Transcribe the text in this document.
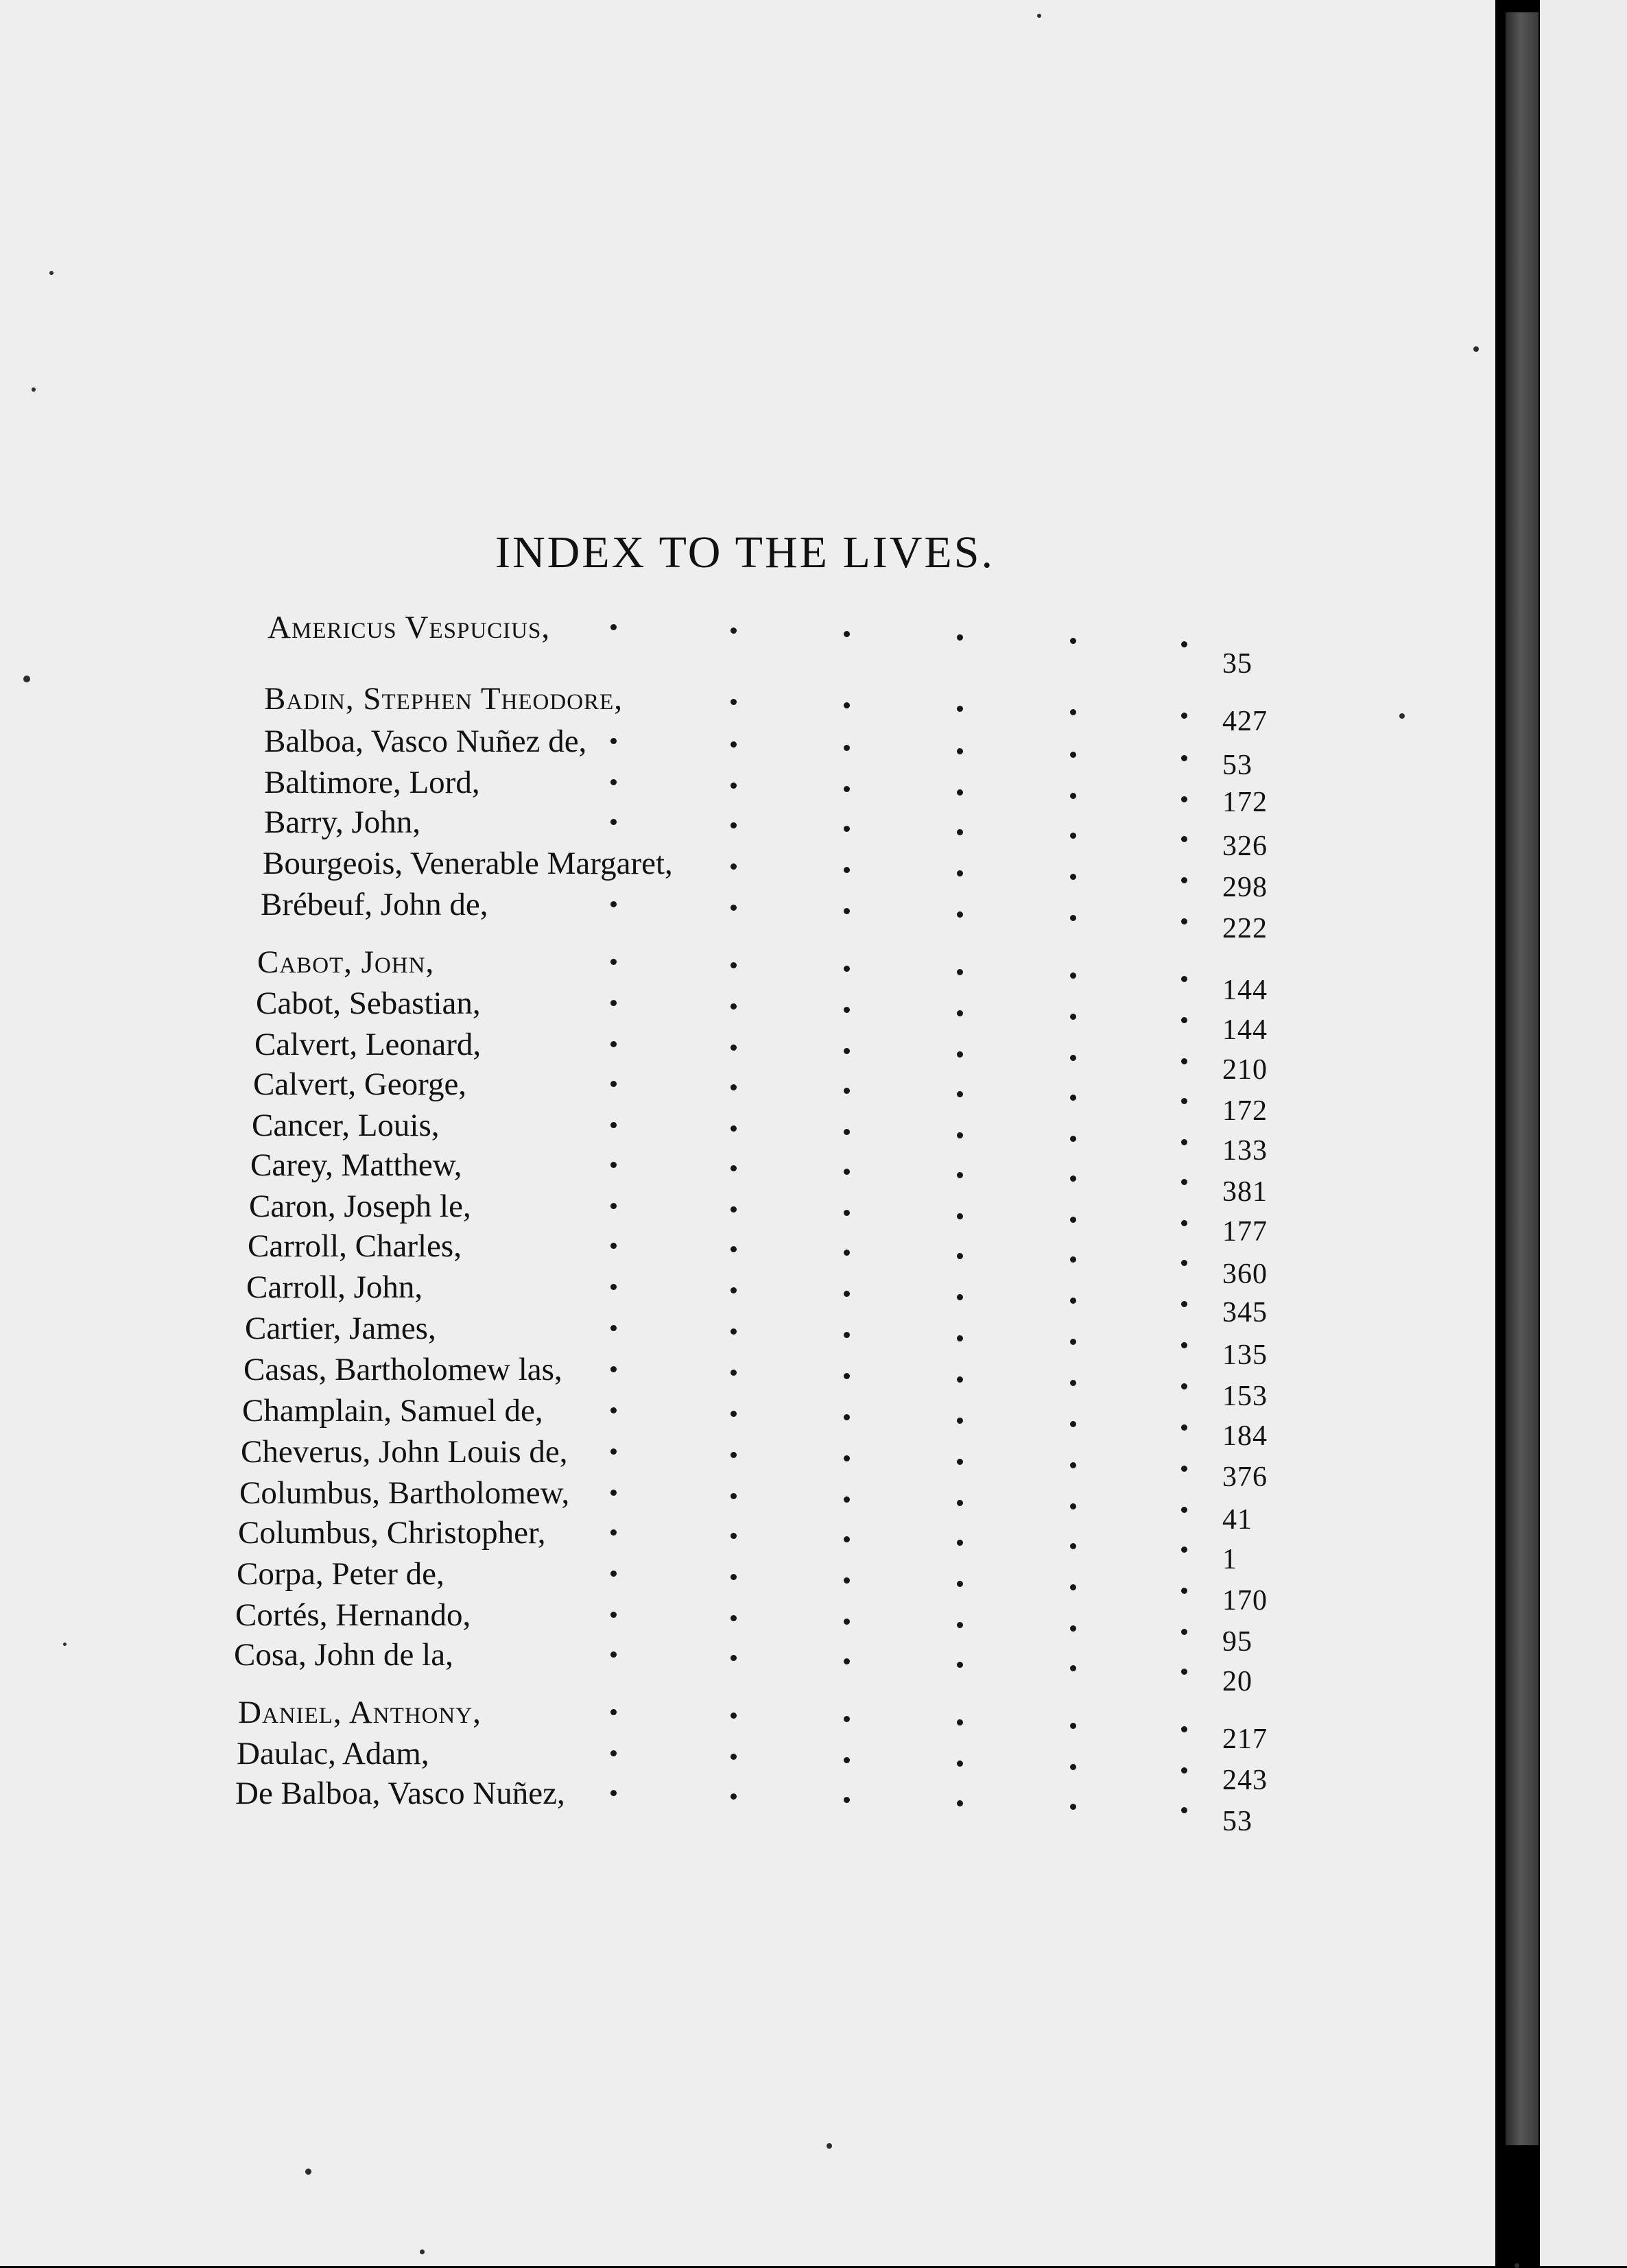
INDEX TO THE LIVES.
Americus Vespucius,
35
Badin, Stephen Theodore,
427
Balboa, Vasco Nuñez de,
53
Baltimore, Lord,
172
Barry, John,
326
Bourgeois, Venerable Margaret,
298
Brébeuf, John de,
222
Cabot, John,
144
Cabot, Sebastian,
144
Calvert, Leonard,
210
Calvert, George,
172
Cancer, Louis,
133
Carey, Matthew,
381
Caron, Joseph le,
177
Carroll, Charles,
360
Carroll, John,
345
Cartier, James,
135
Casas, Bartholomew las,
153
Champlain, Samuel de,
184
Cheverus, John Louis de,
376
Columbus, Bartholomew,
41
Columbus, Christopher,
1
Corpa, Peter de,
170
Cortés, Hernando,
95
Cosa, John de la,
20
Daniel, Anthony,
217
Daulac, Adam,
243
De Balboa, Vasco Nuñez,
53
